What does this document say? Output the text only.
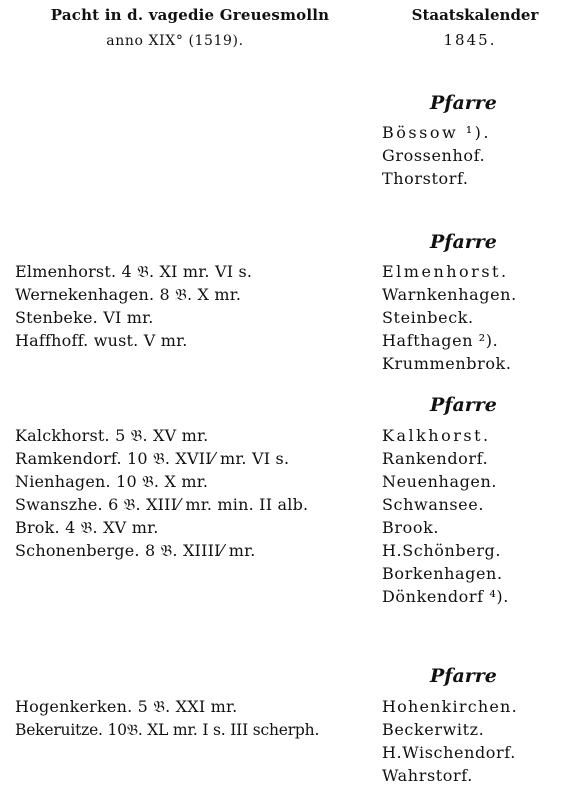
Pacht in d. vagedie Greuesmolln
anno XIX° (1519).
Staatskalender
1845.
Pfarre
Bössow ¹).
Grossenhof.
Thorstorf.
Pfarre
Elmenhorst. 4 𝔅. XI mr. VI s.
Wernekenhagen. 8 𝔅. X mr.
Stenbeke. VI mr.
Haffhoff. wust. V mr.
Elmenhorst.
Warnkenhagen.
Steinbeck.
Hafthagen ²).
Krummenbrok.
Pfarre
Kalckhorst. 5 𝔅. XV mr.
Ramkendorf. 10 𝔅. XVII⁄ mr. VI s.
Nienhagen. 10 𝔅. X mr.
Swanszhe. 6 𝔅. XIII⁄ mr. min. II alb.
Brok. 4 𝔅. XV mr.
Schonenberge. 8 𝔅. XIIII⁄ mr.
Kalkhorst.
Rankendorf.
Neuenhagen.
Schwansee.
Brook.
H.Schönberg.
Borkenhagen.
Dönkendorf ⁴).
Pfarre
Hogenkerken. 5 𝔅. XXI mr.
Bekeruitze. 10𝔅. XL mr. I s. III scherph.
Hohenkirchen.
Beckerwitz.
H.Wischendorf.
Wahrstorf.
